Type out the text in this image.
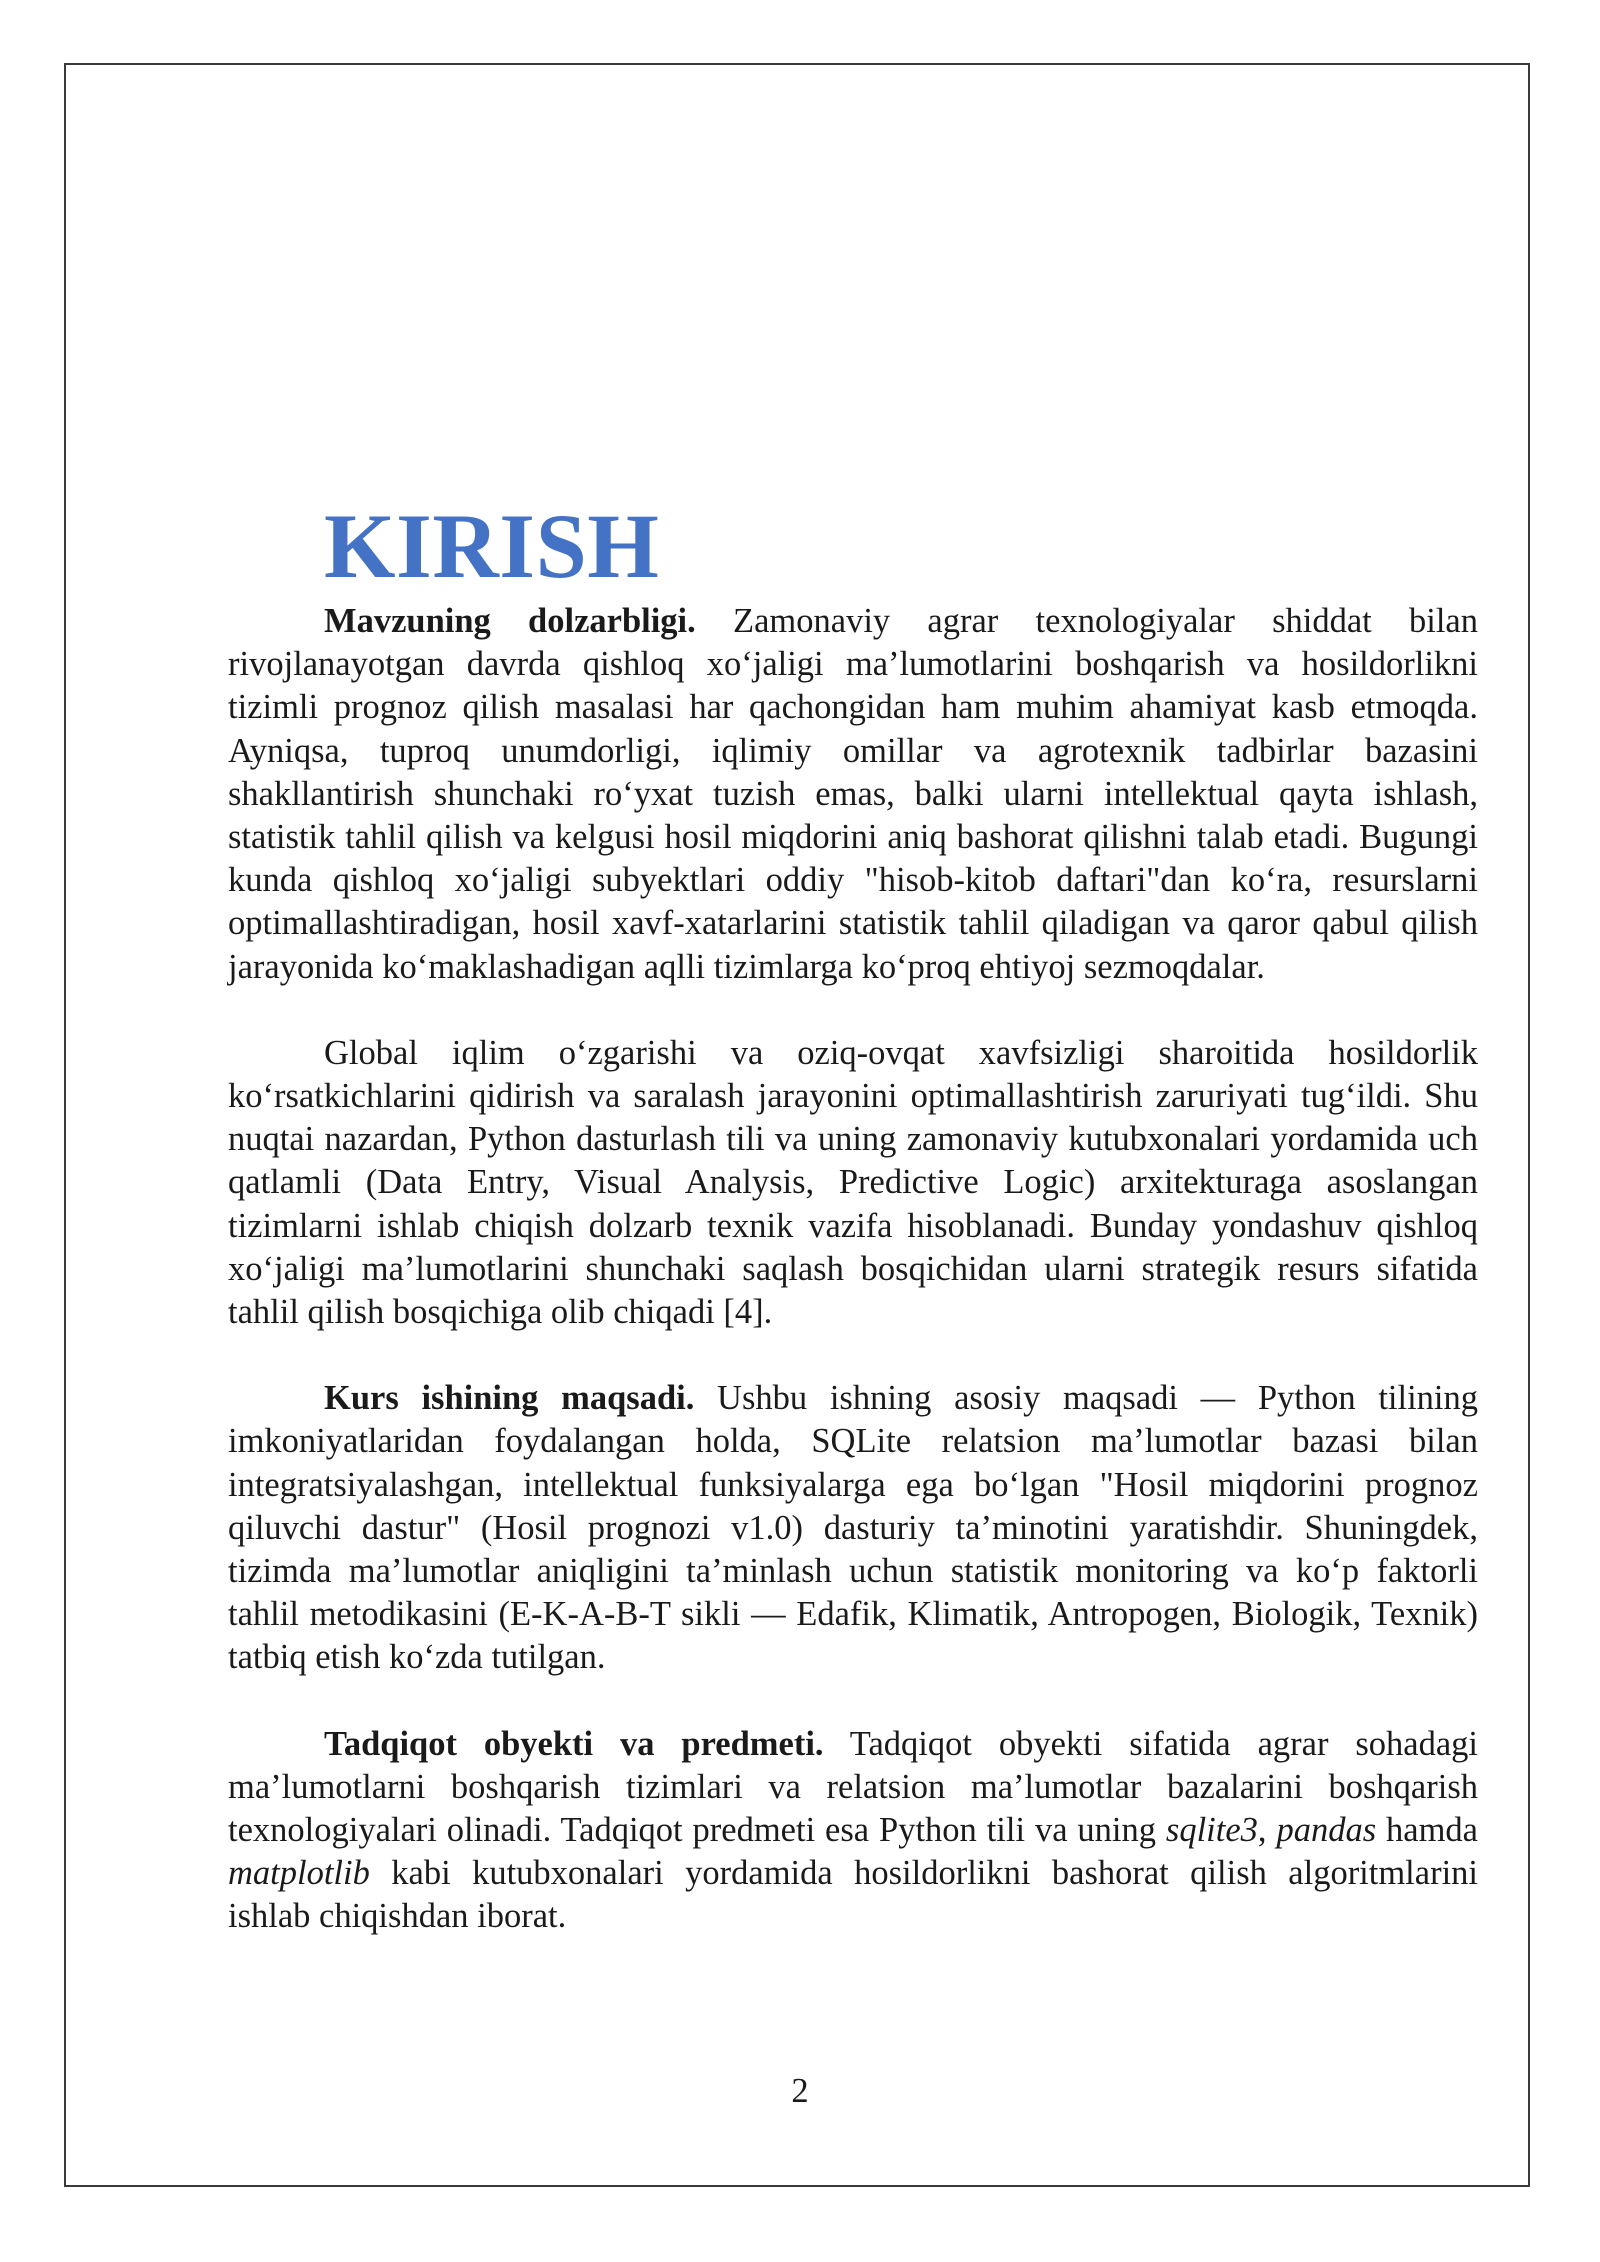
KIRISH

Mavzuning dolzarbligi. Zamonaviy agrar texnologiyalar shiddat bilan rivojlanayotgan davrda qishloq xo‘jaligi ma’lumotlarini boshqarish va hosildorlikni tizimli prognoz qilish masalasi har qachongidan ham muhim ahamiyat kasb etmoqda. Ayniqsa, tuproq unumdorligi, iqlimiy omillar va agrotexnik tadbirlar bazasini shakllantirish shunchaki ro‘yxat tuzish emas, balki ularni intellektual qayta ishlash, statistik tahlil qilish va kelgusi hosil miqdorini aniq bashorat qilishni talab etadi. Bugungi kunda qishloq xo‘jaligi subyektlari oddiy "hisob-kitob daftari"dan ko‘ra, resurslarni optimallashtiradigan, hosil xavf-xatarlarini statistik tahlil qiladigan va qaror qabul qilish jarayonida ko‘maklashadigan aqlli tizimlarga ko‘proq ehtiyoj sezmoqdalar.

Global iqlim o‘zgarishi va oziq-ovqat xavfsizligi sharoitida hosildorlik ko‘rsatkichlarini qidirish va saralash jarayonini optimallashtirish zaruriyati tug‘ildi. Shu nuqtai nazardan, Python dasturlash tili va uning zamonaviy kutubxonalari yordamida uch qatlamli (Data Entry, Visual Analysis, Predictive Logic) arxitekturaga asoslangan tizimlarni ishlab chiqish dolzarb texnik vazifa hisoblanadi. Bunday yondashuv qishloq xo‘jaligi ma’lumotlarini shunchaki saqlash bosqichidan ularni strategik resurs sifatida tahlil qilish bosqichiga olib chiqadi [4].

Kurs ishining maqsadi. Ushbu ishning asosiy maqsadi — Python tilining imkoniyatlaridan foydalangan holda, SQLite relatsion ma’lumotlar bazasi bilan integratsiyalashgan, intellektual funksiyalarga ega bo‘lgan "Hosil miqdorini prognoz qiluvchi dastur" (Hosil prognozi v1.0) dasturiy ta’minotini yaratishdir. Shuningdek, tizimda ma’lumotlar aniqligini ta’minlash uchun statistik monitoring va ko‘p faktorli tahlil metodikasini (E-K-A-B-T sikli — Edafik, Klimatik, Antropogen, Biologik, Texnik) tatbiq etish ko‘zda tutilgan.

Tadqiqot obyekti va predmeti. Tadqiqot obyekti sifatida agrar sohadagi ma’lumotlarni boshqarish tizimlari va relatsion ma’lumotlar bazalarini boshqarish texnologiyalari olinadi. Tadqiqot predmeti esa Python tili va uning sqlite3, pandas hamda matplotlib kabi kutubxonalari yordamida hosildorlikni bashorat qilish algoritmlarini ishlab chiqishdan iborat.

2
